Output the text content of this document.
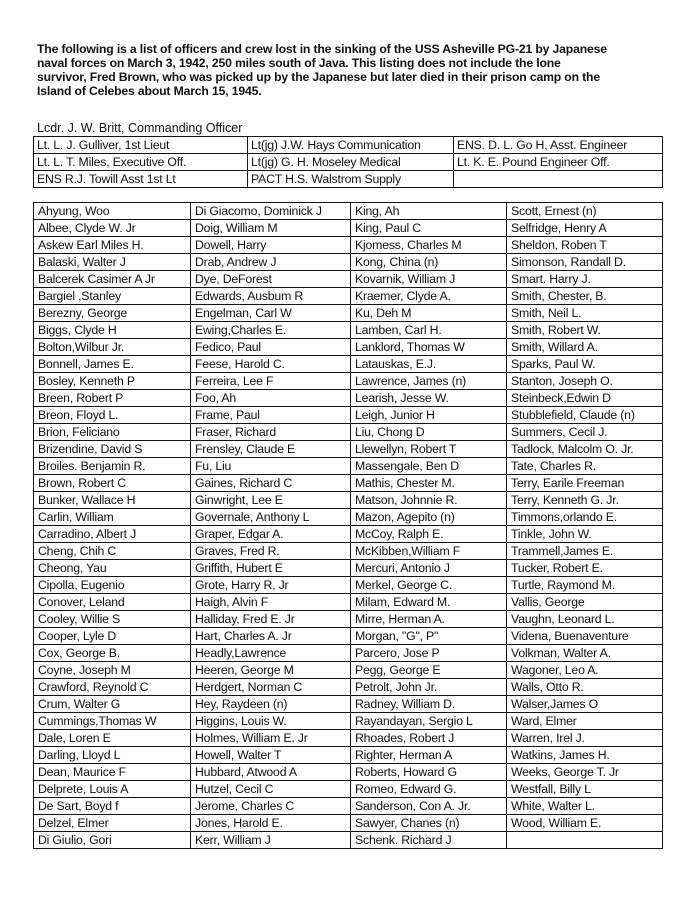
The following is a list of officers and crew lost in the sinking of the USS Asheville PG-21 by Japanese

naval forces on March 3, 1942, 250 miles south of Java. This listing does not include the lone

survivor, Fred Brown, who was picked up by the Japanese but later died in their prison camp on the

Island of Celebes about March 15, 1945.

Lcdr. J. W. Britt, Commanding Officer
Lt. L. J. Gulliver, 1st Lieut	Lt(jg) J.W. Hays Communication	ENS. D. L. Go H, Asst. Engineer
Lt. L. T. Miles, Executive Off.	Lt(jg) G. H. Moseley Medical	Lt. K. E. Pound Engineer Off.
ENS R.J. Towill Asst 1st Lt	PACT H.S. Walstrom Supply	
Ahyung, Woo	Di Giacomo, Dominick J	King, Ah	Scott, Ernest (n)
Albee, Clyde W. Jr	Doig, William M	King, Paul C	Selfridge, Henry A
Askew Earl Miles H.	Dowell, Harry	Kjomess, Charles M	Sheldon, Roben T
Balaski, Walter J	Drab, Andrew J	Kong, China (n)	Simonson, Randall D.
Balcerek Casimer A Jr	Dye, DeForest	Kovarnik, William J	Smart. Harry J.
Bargiel ,Stanley	Edwards, Ausbum R	Kraemer, Clyde A.	Smith, Chester, B.
Berezny, George	Engelman, Carl W	Ku, Deh M	Smith, Neil L.
Biggs, Clyde H	Ewing,Charles E.	Lamben, Carl H.	Smith, Robert W.
Bolton,Wilbur Jr.	Fedico, Paul	Lanklord, Thomas W	Smith, Willard A.
Bonnell, James E.	Feese, Harold C.	Latauskas, E.J.	Sparks, Paul W.
Bosley, Kenneth P	Ferreira, Lee F	Lawrence, James (n)	Stanton, Joseph O.
Breen, Robert P	Foo, Ah	Learish, Jesse W.	Steinbeck,Edwin D
Breon, Floyd L.	Frame, Paul	Leigh, Junior H	Stubblefield, Claude (n)
Brion, Feliciano	Fraser, Richard	Liu, Chong D	Summers, Cecil J.
Brizendine, David S	Frensley, Claude E	Llewellyn, Robert T	Tadlock, Malcolm O. Jr.
Broiles. Benjamin R.	Fu, Liu	Massengale, Ben D	Tate, Charles R.
Brown, Robert C	Gaines, Richard C	Mathis, Chester M.	Terry, Earile Freeman
Bunker, Wallace H	Ginwright, Lee E	Matson, Johnnie R.	Terry, Kenneth G. Jr.
Carlin, William	Governale, Anthony L	Mazon, Agepito (n)	Timmons,orlando E.
Carradino, Albert J	Graper, Edgar A.	McCoy, Ralph E.	Tinkle, John W.
Cheng, Chih C	Graves, Fred R.	McKibben,William F	Trammell,James E.
Cheong, Yau	Griffith, Hubert E	Mercuri, Antonio J	Tucker, Robert E.
Cipolla, Eugenio	Grote, Harry R, Jr	Merkel, George C.	Turtle, Raymond M.
Conover, Leland	Haigh, Alvin F	Milam, Edward M.	Vallis, George
Cooley, Willie S	Halliday, Fred E. Jr	Mirre, Herman A.	Vaughn, Leonard L.
Cooper, Lyle D	Hart, Charles A. Jr	Morgan, "G", P"	Videna, Buenaventure
Cox, George B.	Headly,Lawrence	Parcero, Jose P	Volkman, Walter A.
Coyne, Joseph M	Heeren, George M	Pegg, George E	Wagoner, Leo A.
Crawford, Reynold C	Herdgert, Norman C	Petrolt, John Jr.	Walls, Otto R.
Crum, Walter G	Hey, Raydeen (n)	Radney, William D.	Walser,James O
Cummings,Thomas W	Higgins, Louis W.	Rayandayan, Sergio L	Ward, Elmer
Dale, Loren E	Holmes, William E. Jr	Rhoades, Robert J	Warren, Irel J.
Darling, Lloyd L	Howell, Walter T	Righter, Herman A	Watkins, James H.
Dean, Maurice F	Hubbard, Atwood A	Roberts, Howard G	Weeks, George T. Jr
Delprete, Louis A	Hutzel, Cecil C	Romeo, Edward G.	Westfall, Billy L
De Sart, Boyd f	Jerome, Charles C	Sanderson, Con A. Jr.	White, Walter L.
Delzel, Elmer	Jones, Harold E.	Sawyer, Chanes (n)	Wood, William E.
Di Giulio, Gori	Kerr, William J	Schenk. Richard J	
